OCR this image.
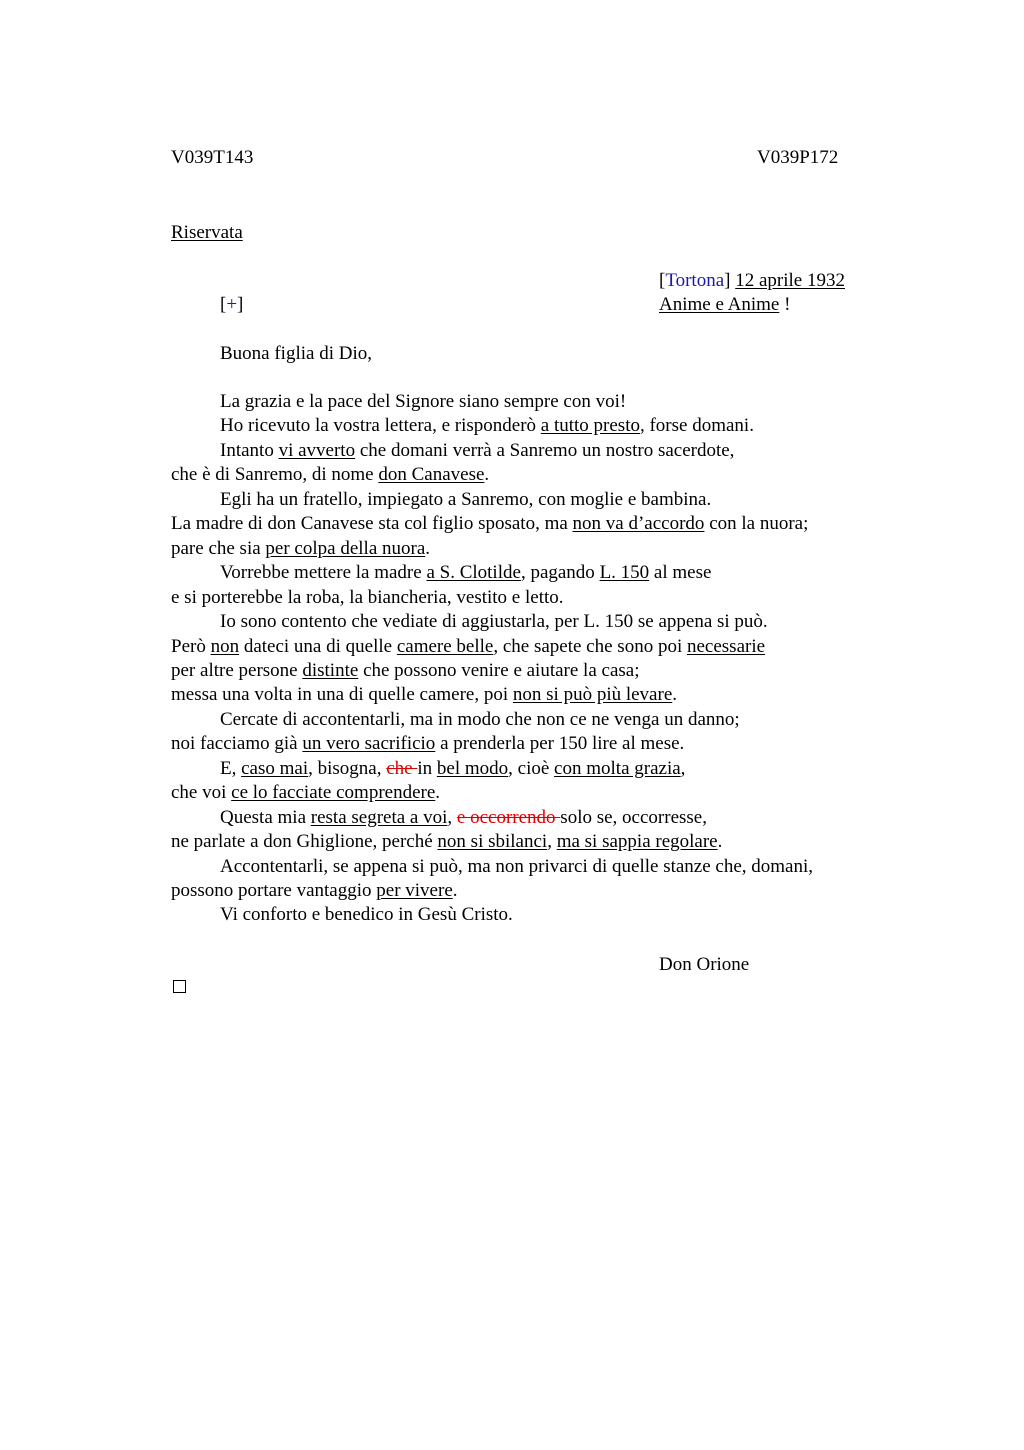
V039T143	V039P172
Riservata
[Tortona] 12 aprile 1932
Anime e Anime !
[+]
Buona figlia di Dio,
La grazia e la pace del Signore siano sempre con voi!
Ho ricevuto la vostra lettera, e risponderò a tutto presto, forse domani.
Intanto vi avverto che domani verrà a Sanremo un nostro sacerdote,
che è di Sanremo, di nome don Canavese.
Egli ha un fratello, impiegato a Sanremo, con moglie e bambina.
La madre di don Canavese sta col figlio sposato, ma non va d’accordo con la nuora;
pare che sia per colpa della nuora.
Vorrebbe mettere la madre a S. Clotilde, pagando L. 150 al mese
e si porterebbe la roba, la biancheria, vestito e letto.
Io sono contento che vediate di aggiustarla, per L. 150 se appena si può.
Però non dateci una di quelle camere belle, che sapete che sono poi necessarie
per altre persone distinte che possono venire e aiutare la casa;
messa una volta in una di quelle camere, poi non si può più levare.
Cercate di accontentarli, ma in modo che non ce ne venga un danno;
noi facciamo già un vero sacrificio a prenderla per 150 lire al mese.
E, caso mai, bisogna, che in bel modo, cioè con molta grazia,
che voi ce lo facciate comprendere.
Questa mia resta segreta a voi, e occorrendo solo se, occorresse,
ne parlate a don Ghiglione, perché non si sbilanci, ma si sappia regolare.
Accontentarli, se appena si può, ma non privarci di quelle stanze che, domani,
possono portare vantaggio per vivere.
Vi conforto e benedico in Gesù Cristo.
Don Orione
